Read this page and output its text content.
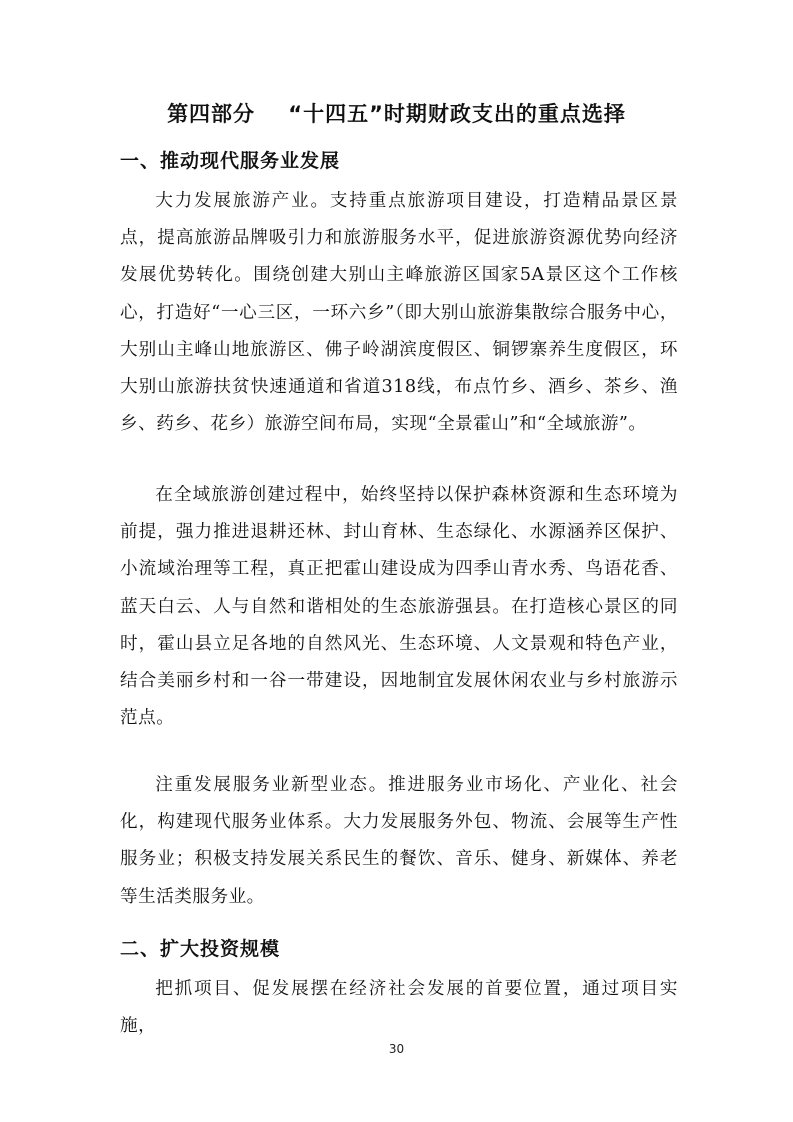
第四部分    “十四五”时期财政支出的重点选择
一、推动现代服务业发展

大力发展旅游产业。支持重点旅游项目建设，打造精品景区景点，提高旅游品牌吸引力和旅游服务水平，促进旅游资源优势向经济发展优势转化。围绕创建大别山主峰旅游区国家5A景区这个工作核心，打造好“一心三区，一环六乡”（即大别山旅游集散综合服务中心，大别山主峰山地旅游区、佛子岭湖滨度假区、铜锣寨养生度假区，环大别山旅游扶贫快速通道和省道318线，布点竹乡、酒乡、茶乡、渔乡、药乡、花乡）旅游空间布局，实现“全景霍山”和“全域旅游”。

在全域旅游创建过程中，始终坚持以保护森林资源和生态环境为前提，强力推进退耕还林、封山育林、生态绿化、水源涵养区保护、小流域治理等工程，真正把霍山建设成为四季山青水秀、鸟语花香、蓝天白云、人与自然和谐相处的生态旅游强县。在打造核心景区的同时，霍山县立足各地的自然风光、生态环境、人文景观和特色产业，结合美丽乡村和一谷一带建设，因地制宜发展休闲农业与乡村旅游示范点。

注重发展服务业新型业态。推进服务业市场化、产业化、社会化，构建现代服务业体系。大力发展服务外包、物流、会展等生产性服务业；积极支持发展关系民生的餐饮、音乐、健身、新媒体、养老等生活类服务业。

二、扩大投资规模

把抓项目、促发展摆在经济社会发展的首要位置，通过项目实施，

30
